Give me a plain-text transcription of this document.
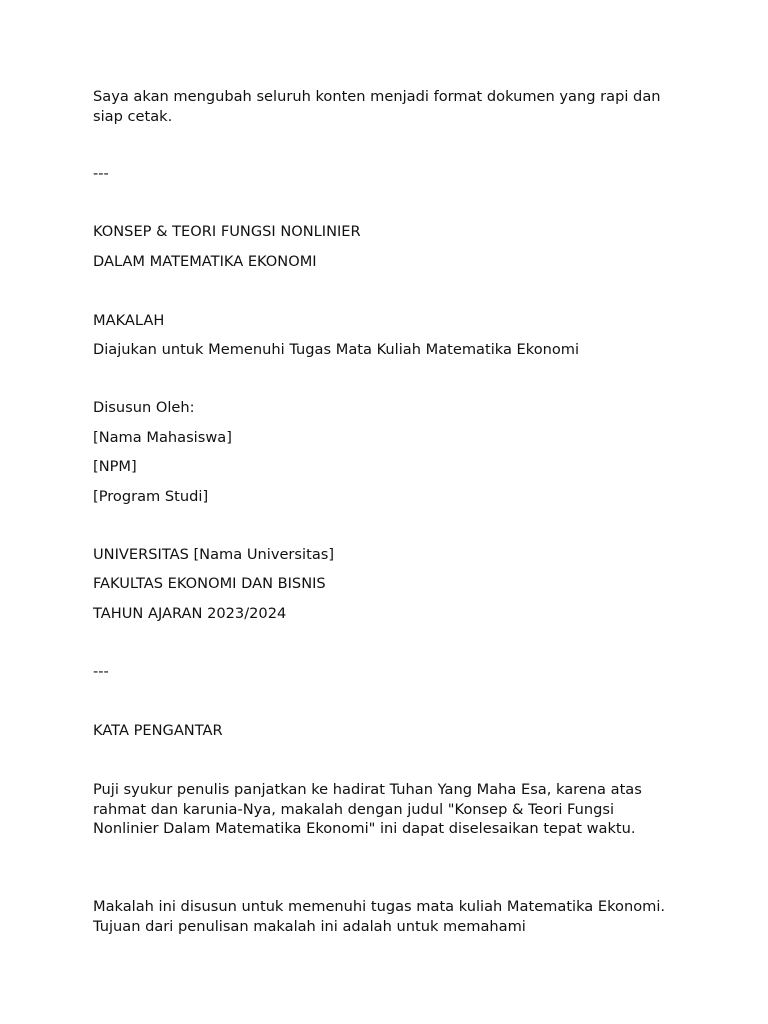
Saya akan mengubah seluruh konten menjadi format dokumen yang rapi dan siap cetak.

---

KONSEP & TEORI FUNGSI NONLINIER

DALAM MATEMATIKA EKONOMI

MAKALAH

Diajukan untuk Memenuhi Tugas Mata Kuliah Matematika Ekonomi

Disusun Oleh:

[Nama Mahasiswa]

[NPM]

[Program Studi]

UNIVERSITAS [Nama Universitas]

FAKULTAS EKONOMI DAN BISNIS

TAHUN AJARAN 2023/2024

---

KATA PENGANTAR

Puji syukur penulis panjatkan ke hadirat Tuhan Yang Maha Esa, karena atas rahmat dan karunia-Nya, makalah dengan judul "Konsep & Teori Fungsi Nonlinier Dalam Matematika Ekonomi" ini dapat diselesaikan tepat waktu.

Makalah ini disusun untuk memenuhi tugas mata kuliah Matematika Ekonomi. Tujuan dari penulisan makalah ini adalah untuk memahami
